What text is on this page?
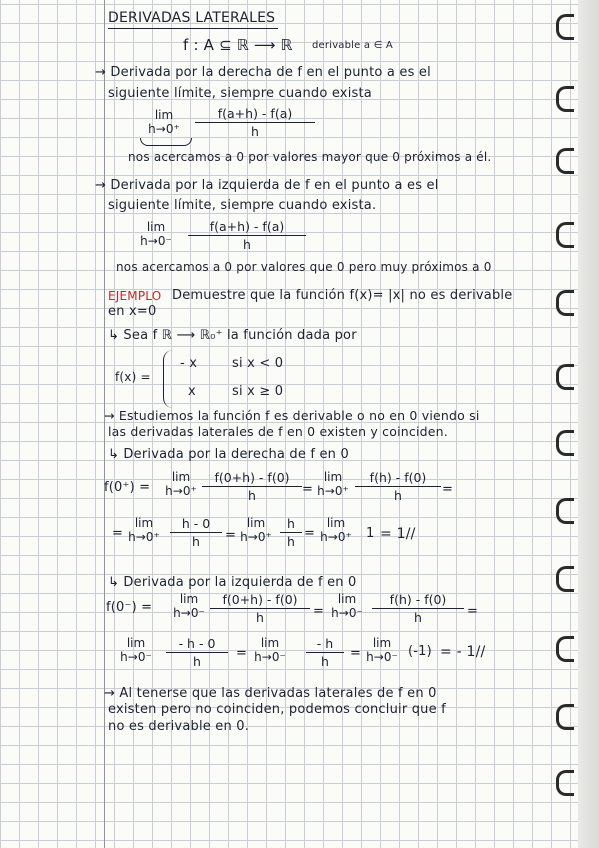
DERIVADAS LATERALES
f : A ⊆ ℝ ⟶ ℝ derivable a ∈ A
→ Derivada por la derecha de f en el punto a es el
siguiente límite, siempre cuando exista
lim
h→0⁺	$\frac{f(a+h) - f(a)}{h}$
nos acercamos a 0 por valores mayor que 0 próximos a él.
→ Derivada por la izquierda de f en el punto a es el
siguiente límite, siempre cuando exista.
lim
h→0⁻	$\frac{f(a+h) - f(a)}{h}$
nos acercamos a 0 por valores que 0 pero muy próximos a 0
EJEMPLO Demuestre que la función f(x)= |x| no es derivable
en x=0
↳ Sea f ℝ ⟶ ℝ₀⁺ la función dada por
f(x) =
- x	si x < 0
x	si x ≥ 0
→ Estudiemos la función f es derivable o no en 0 viendo si
las derivadas laterales de f en 0 existen y coinciden.
↳ Derivada por la derecha de f en 0
f(0⁺) =
lim
$h\to 0^+ \frac{f(0+h) - f(0)}{h}$ =
lim
$h\to 0^+ \frac{f(h) - f(0)}{h}$ =
=
lim
$h\to 0^+ \frac{h - 0}{h}$ =
lim
$h\to 0^+ \frac{h}{h}$ =
lim
h→0⁺	1 = 1//
↳ Derivada por la izquierda de f en 0
f(0⁻) =
lim
$h\to 0^- \frac{f(0+h) - f(0)}{h}$ =
lim
$h\to 0^- \frac{f(h) - f(0)}{h}$ =
lim
h→0⁻	$\frac{- h - 0}{h}$ =
lim
h→0⁻	$\frac{- h}{h}$ =
lim
h→0⁻ (-1) = - 1//
→ Al tenerse que las derivadas laterales de f en 0
existen pero no coinciden, podemos concluir que f
no es derivable en 0.
